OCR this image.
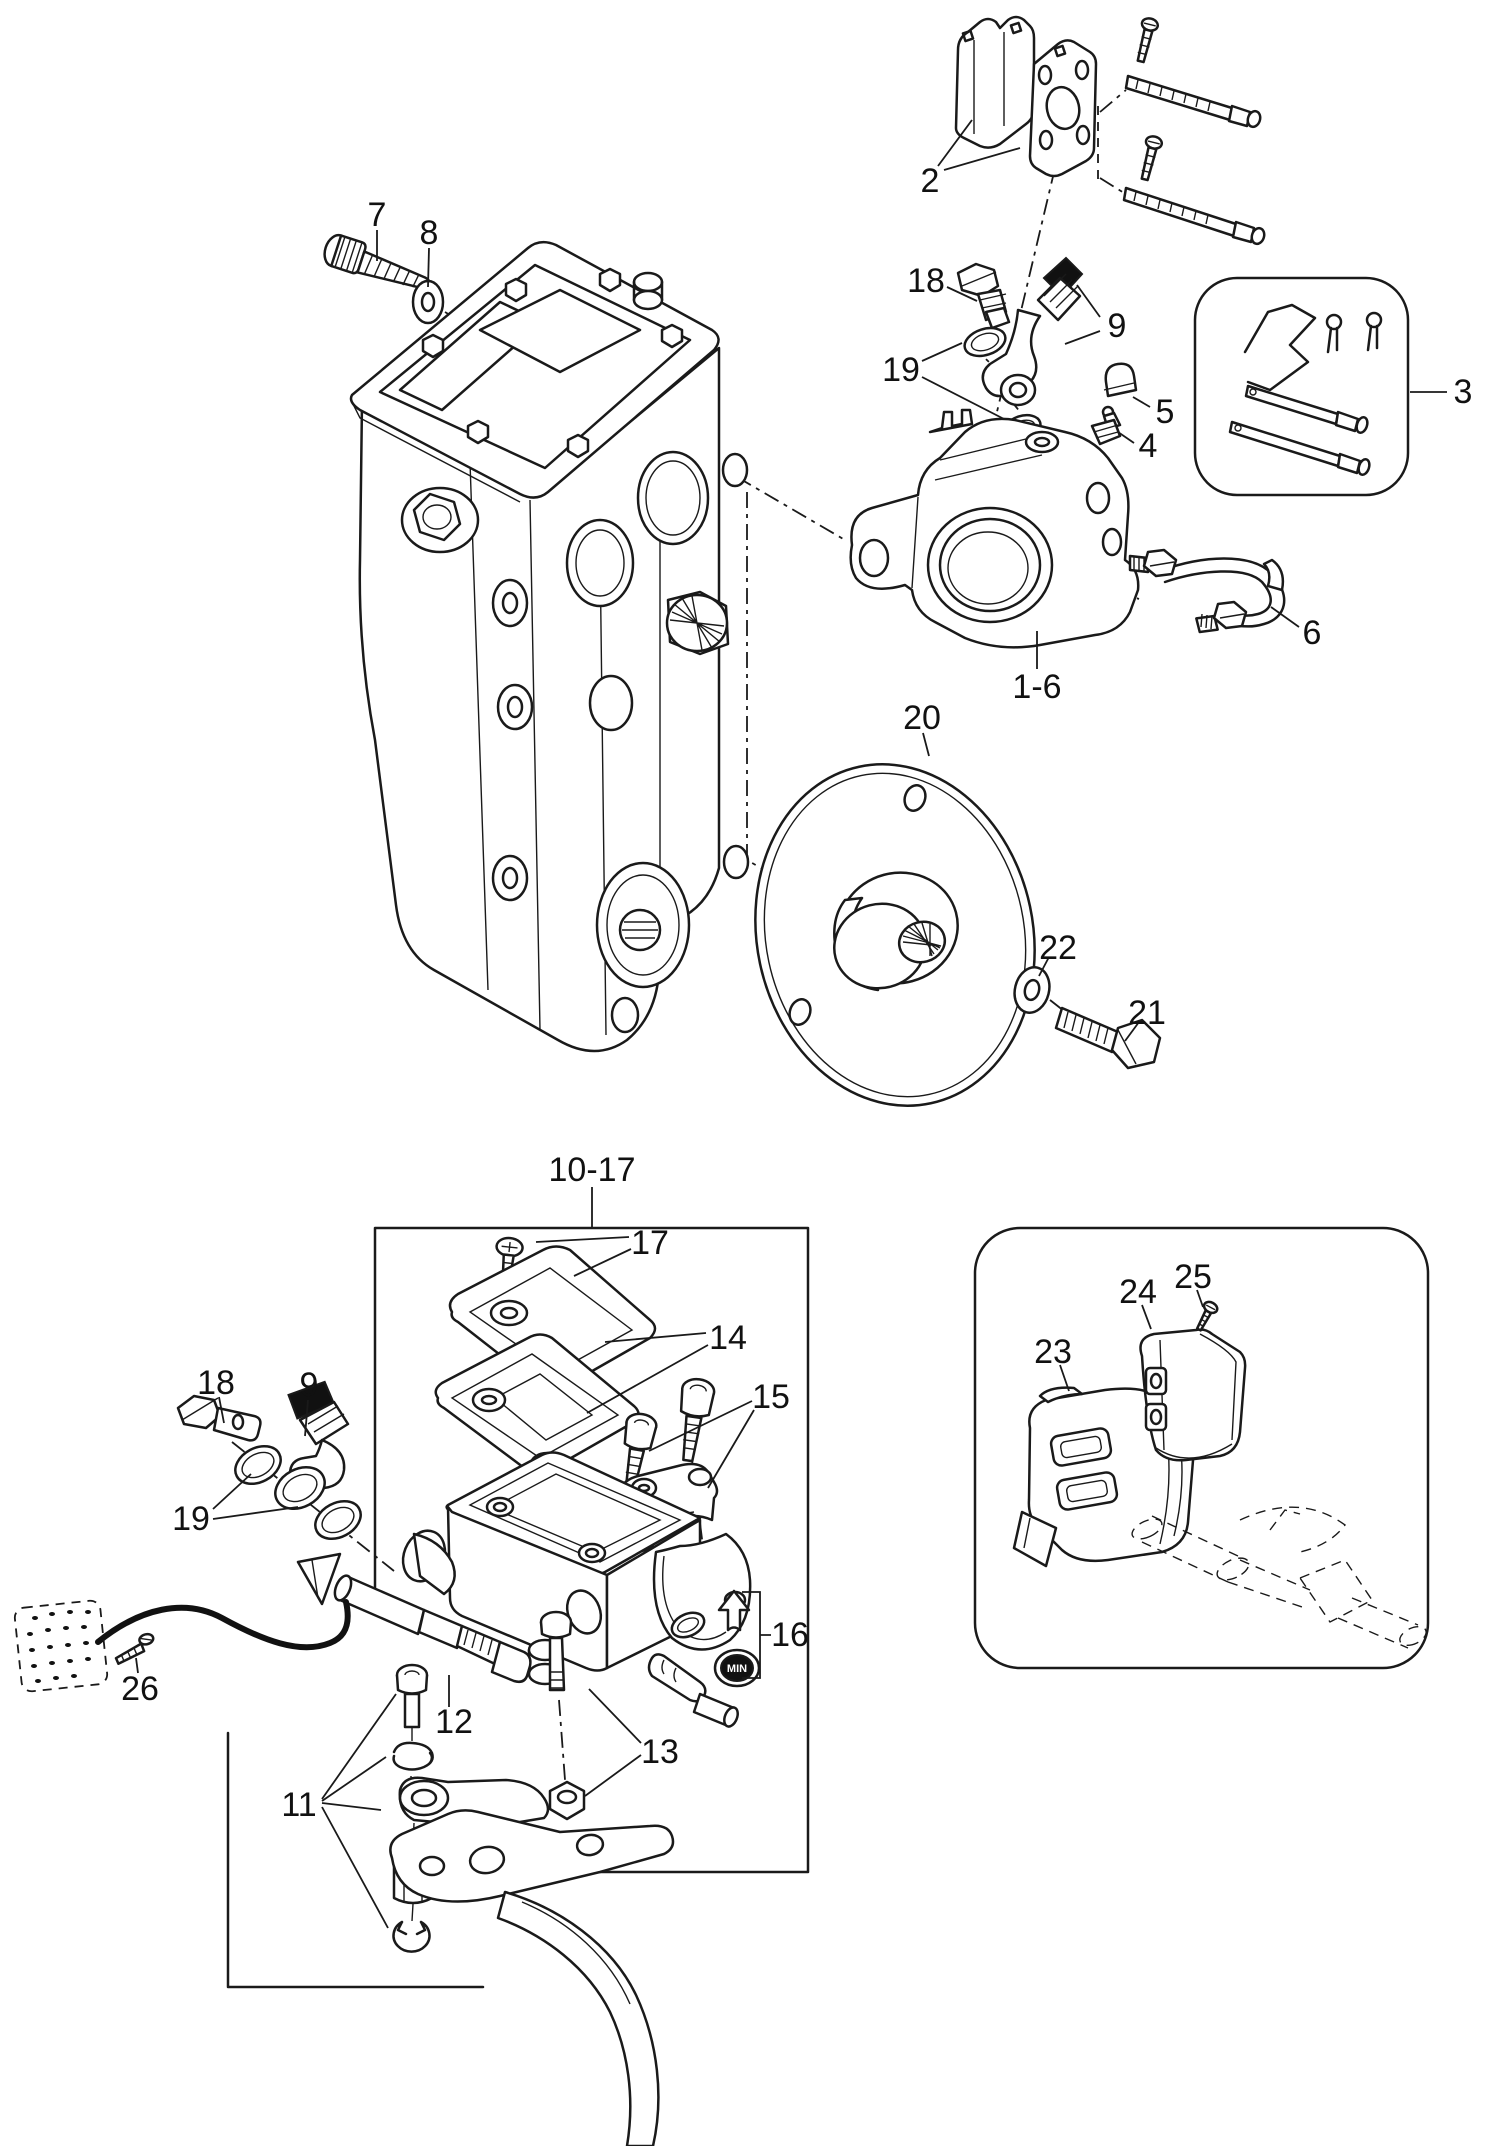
MIN
2
7 8
18
9
19
5
4
3
6
1-6
20
22
21
10-17
17
14
15
18 9
19
16
26
12
13
11
23
24 25
